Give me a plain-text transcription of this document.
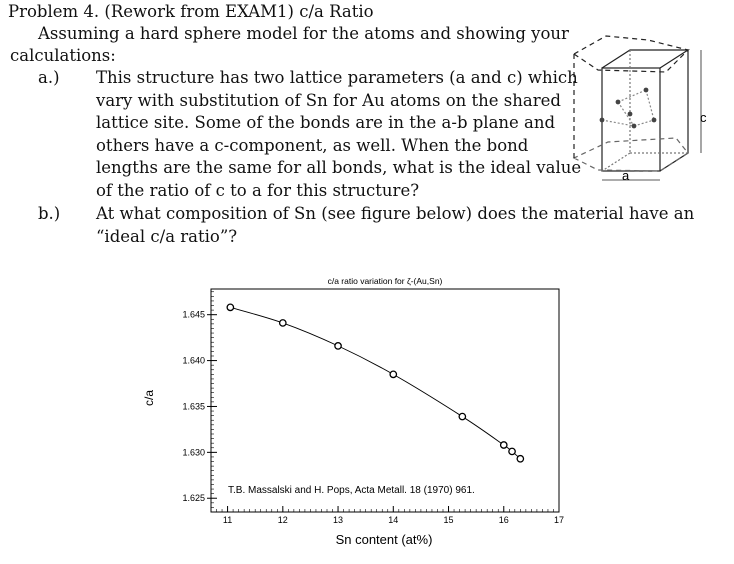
Problem 4. (Rework from EXAM1) c/a Ratio
Assuming a hard sphere model for the atoms and showing your
calculations:
a.) This structure has two lattice parameters (a and c) which
vary with substitution of Sn for Au atoms on the shared
lattice site. Some of the bonds are in the a-b plane and
others have a c-component, as well. When the bond
lengths are the same for all bonds, what is the ideal value
of the ratio of c to a for this structure?
b.) At what composition of Sn (see figure below) does the material have an
“ideal c/a ratio”?
c
a
c/a ratio variation for ζ-(Au,Sn)
11	12	13	14	15	16	17
1.625
1.630
1.635
1.640
1.645
T.B. Massalski and H. Pops, Acta Metall. 18 (1970) 961.
Sn content (at%)
c/a
